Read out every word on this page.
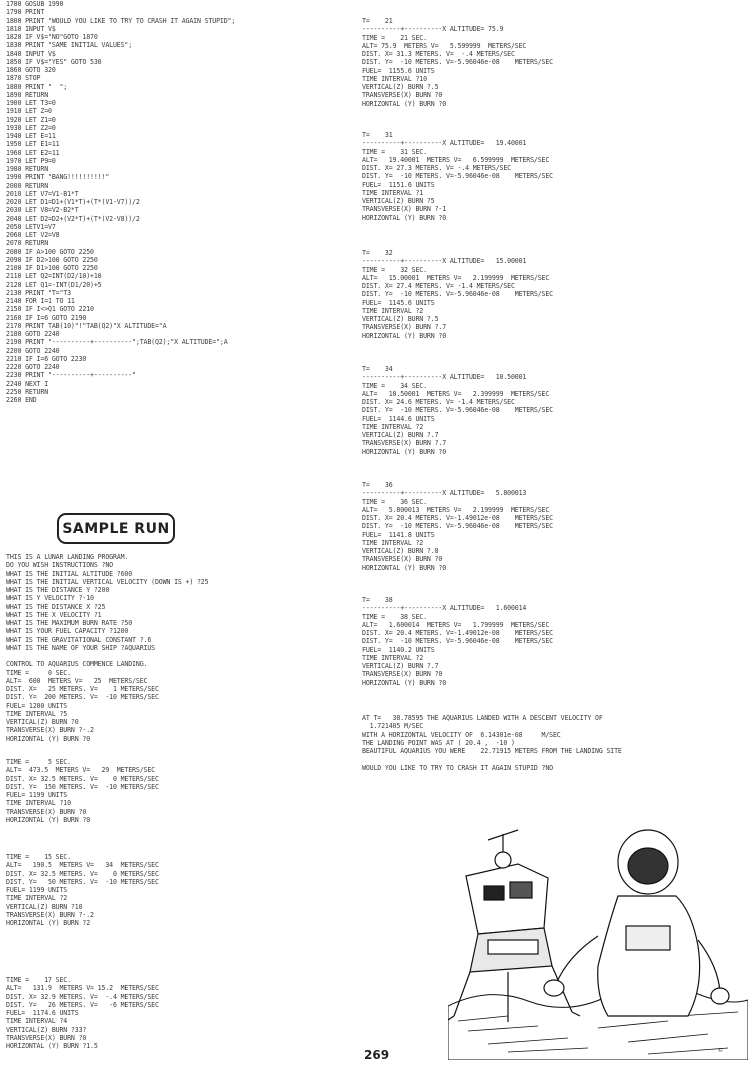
1780 GOSUB 1990
1790 PRINT
1800 PRINT "WOULD YOU LIKE TO TRY TO CRASH IT AGAIN STUPID";
1810 INPUT V$
1820 IF V$="NO"GOTO 1870
1830 PRINT "SAME INITIAL VALUES";
1840 INPUT V$
1850 IF V$="YES" GOTO 530
1860 GOTO 320
1870 STOP
1880 PRINT "  ";
1890 RETURN
1900 LET T3=0
1910 LET Z=0
1920 LET Z1=0
1930 LET Z2=0
1940 LET E=11
1950 LET E1=11
1960 LET E2=11
1970 LET P9=0
1980 RETURN
1990 PRINT "BANG!!!!!!!!!!"
2000 RETURN
2010 LET V7=V1-B1*T
2020 LET D1=D1+(V1*T)+(T*(V1-V7))/2
2030 LET V8=V2-B2*T
2040 LET D2=D2+(V2*T)+(T*(V2-V8))/2
2050 LETV1=V7
2060 LET V2=V8
2070 RETURN
2080 IF A>100 GOTO 2250
2090 IF D2>100 GOTO 2250
2100 IF D1>100 GOTO 2250
2110 LET Q2=INT(D2/10)+10
2120 LET Q1=-INT(D1/20)+5
2130 PRINT "T="T3
2140 FOR I=1 TO 11
2150 IF I<>Q1 GOTO 2210
2160 IF I=6 GOTO 2190
2170 PRINT TAB(10)"!"TAB(Q2)"X ALTITUDE="A
2180 GOTO 2240
2190 PRINT "----------+----------";TAB(Q2);"X ALTITUDE=";A
2200 GOTO 2240
2210 IF I=6 GOTO 2230
2220 GOTO 2240
2230 PRINT "----------+----------"
2240 NEXT I
2250 RETURN
2260 END
SAMPLE RUN
THIS IS A LUNAR LANDING PROGRAM.
DO YOU WISH INSTRUCTIONS ?NO
WHAT IS THE INITIAL ALTITUDE ?600
WHAT IS THE INITIAL VERTICAL VELOCITY (DOWN IS +) ?25
WHAT IS THE DISTANCE Y ?200
WHAT IS Y VELOCITY ?-10
WHAT IS THE DISTANCE X ?25
WHAT IS THE X VELOCITY ?1
WHAT IS THE MAXIMUM BURN RATE ?50
WHAT IS YOUR FUEL CAPACITY ?1200
WHAT IS THE GRAVITATIONAL CONSTANT ?.6
WHAT IS THE NAME OF YOUR SHIP ?AQUARIUS

CONTROL TO AQUARIUS COMMENCE LANDING.
TIME =     0 SEC.
ALT=  600  METERS V=   25  METERS/SEC
DIST. X=   25 METERS. V=    1 METERS/SEC
DIST. Y=  200 METERS. V=  -10 METERS/SEC
FUEL= 1200 UNITS
TIME INTERVAL ?5
VERTICAL(Z) BURN ?0
TRANSVERSE(X) BURN ?-.2
HORIZONTAL (Y) BURN ?0
TIME =     5 SEC.
ALT=  473.5  METERS V=   29  METERS/SEC
DIST. X= 32.5 METERS. V=    0 METERS/SEC
DIST. Y=  150 METERS. V=  -10 METERS/SEC
FUEL= 1199 UNITS
TIME INTERVAL ?10
TRANSVERSE(X) BURN ?0
HORIZONTAL (Y) BURN ?0
TIME =    15 SEC.
ALT=   190.5  METERS V=   34  METERS/SEC
DIST. X= 32.5 METERS. V=    0 METERS/SEC
DIST. Y=   50 METERS. V=  -10 METERS/SEC
FUEL= 1199 UNITS
TIME INTERVAL ?2
VERTICAL(Z) BURN ?10
TRANSVERSE(X) BURN ?-.2
HORIZONTAL (Y) BURN ?2
TIME =    17 SEC.
ALT=   131.9  METERS V= 15.2  METERS/SEC
DIST. X= 32.9 METERS. V=  -.4 METERS/SEC
DIST. Y=   26 METERS. V=   -6 METERS/SEC
FUEL=  1174.6 UNITS
TIME INTERVAL ?4
VERTICAL(Z) BURN ?33?
TRANSVERSE(X) BURN ?0
HORIZONTAL (Y) BURN ?1.5
T=    21
----------+----------X ALTITUDE= 75.9
TIME =    21 SEC.
ALT= 75.9  METERS V=   5.599999  METERS/SEC
DIST. X= 31.3 METERS. V=  -.4 METERS/SEC
DIST. Y=  -10 METERS. V=-5.96046e-08    METERS/SEC
FUEL=  1155.6 UNITS
TIME INTERVAL ?10
VERTICAL(Z) BURN ?.5
TRANSVERSE(X) BURN ?0
HORIZONTAL (Y) BURN ?0
T=    31
----------+----------X ALTITUDE=   19.40001
TIME =    31 SEC.
ALT=   19.40001  METERS V=   6.599999  METERS/SEC
DIST. X= 27.3 METERS. V= -.4 METERS/SEC
DIST. Y=  -10 METERS. V=-5.96046e-08    METERS/SEC
FUEL=  1151.6 UNITS
TIME INTERVAL ?1
VERTICAL(Z) BURN ?5
TRANSVERSE(X) BURN ?-1
HORIZONTAL (Y) BURN ?0
T=    32
----------+----------X ALTITUDE=   15.00001
TIME =    32 SEC.
ALT=   15.00001  METERS V=   2.199999  METERS/SEC
DIST. X= 27.4 METERS. V= -1.4 METERS/SEC
DIST. Y=  -10 METERS. V=-5.96046e-08    METERS/SEC
FUEL=  1145.6 UNITS
TIME INTERVAL ?2
VERTICAL(Z) BURN ?.5
TRANSVERSE(X) BURN ?.7
HORIZONTAL (Y) BURN ?0
T=    34
----------+----------X ALTITUDE=   10.50001
TIME =    34 SEC.
ALT=   10.50001  METERS V=   2.399999  METERS/SEC
DIST. X= 24.6 METERS. V= -1.4 METERS/SEC
DIST. Y=  -10 METERS. V=-5.96046e-08    METERS/SEC
FUEL=  1144.6 UNITS
TIME INTERVAL ?2
VERTICAL(Z) BURN ?.7
TRANSVERSE(X) BURN ?.7
HORIZONTAL (Y) BURN ?0
T=    36
----------+----------X ALTITUDE=   5.800013
TIME =    36 SEC.
ALT=   5.800013  METERS V=   2.199999  METERS/SEC
DIST. X= 20.4 METERS. V=-1.49012e-08    METERS/SEC
DIST. Y=  -10 METERS. V=-5.96046e-08    METERS/SEC
FUEL=  1141.8 UNITS
TIME INTERVAL ?2
VERTICAL(Z) BURN ?.8
TRANSVERSE(X) BURN ?0
HORIZONTAL (Y) BURN ?0
T=    38
----------+----------X ALTITUDE=   1.600014
TIME =    38 SEC.
ALT=   1.600014  METERS V=   1.799999  METERS/SEC
DIST. X= 20.4 METERS. V=-1.49012e-08    METERS/SEC
DIST. Y=  -10 METERS. V=-5.96046e-08    METERS/SEC
FUEL=  1140.2 UNITS
TIME INTERVAL ?2
VERTICAL(Z) BURN ?.7
TRANSVERSE(X) BURN ?0
HORIZONTAL (Y) BURN ?0
AT T=   38.78595 THE AQUARIUS LANDED WITH A DESCENT VELOCITY OF
1.721405 M/SEC
WITH A HORIZONTAL VELOCITY OF  6.14301e-08     M/SEC
THE LANDING POINT WAS AT ( 20.4 ,  -10 )
BEAUTIFUL AQUARIUS YOU WERE    22.71915 METERS FROM THE LANDING SITE

WOULD YOU LIKE TO TRY TO CRASH IT AGAIN STUPID ?NO
©
269
